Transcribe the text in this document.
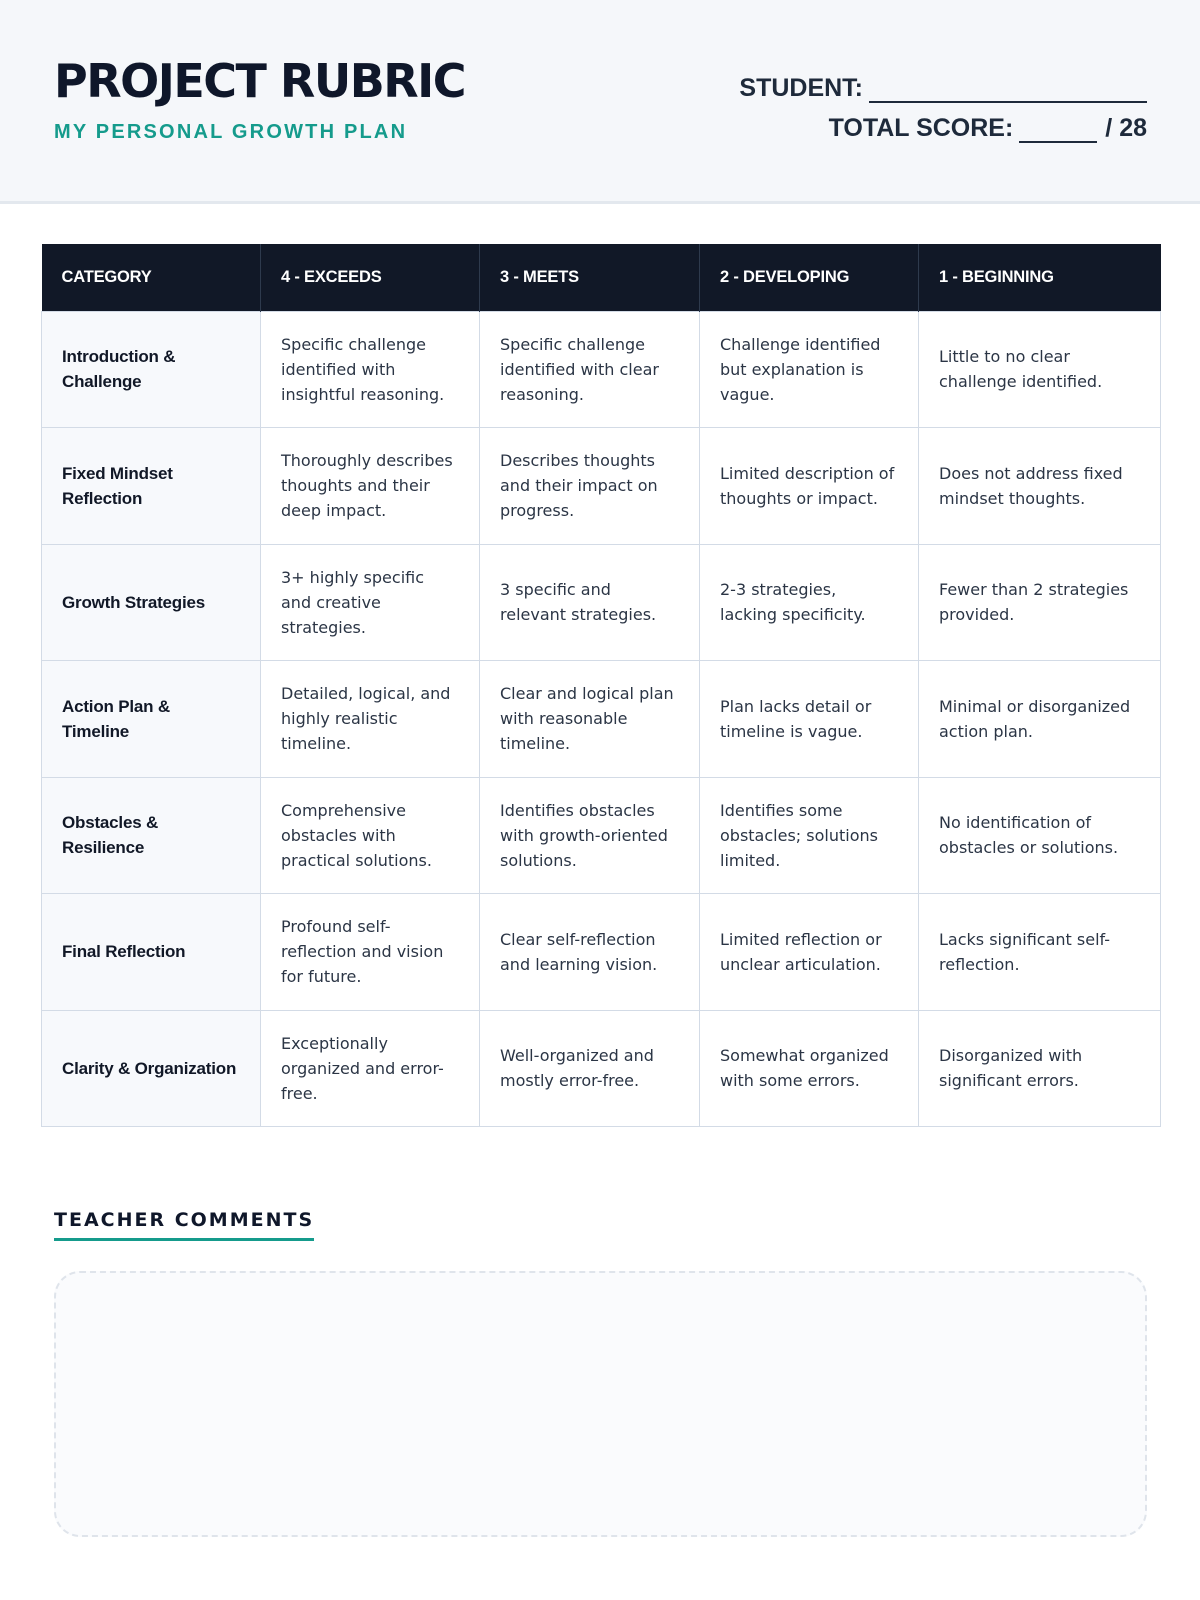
PROJECT RUBRIC
MY PERSONAL GROWTH PLAN
STUDENT:
TOTAL SCORE:	/ 28
CATEGORY	4 - EXCEEDS	3 - MEETS	2 - DEVELOPING	1 - BEGINNING
Introduction & Challenge	Specific challenge identified with insightful reasoning.	Specific challenge identified with clear reasoning.	Challenge identified but explanation is vague.	Little to no clear challenge identified.
Fixed Mindset Reflection	Thoroughly describes thoughts and their deep impact.	Describes thoughts and their impact on progress.	Limited description of thoughts or impact.	Does not address fixed mindset thoughts.
Growth Strategies	3+ highly specific and creative strategies.	3 specific and relevant strategies.	2-3 strategies, lacking specificity.	Fewer than 2 strategies provided.
Action Plan & Timeline	Detailed, logical, and highly realistic timeline.	Clear and logical plan with reasonable timeline.	Plan lacks detail or timeline is vague.	Minimal or disorganized action plan.
Obstacles & Resilience	Comprehensive obstacles with practical solutions.	Identifies obstacles with growth-oriented solutions.	Identifies some obstacles; solutions limited.	No identification of obstacles or solutions.
Final Reflection	Profound self-reflection and vision for future.	Clear self-reflection and learning vision.	Limited reflection or unclear articulation.	Lacks significant self-reflection.
Clarity & Organization	Exceptionally organized and error-free.	Well-organized and mostly error-free.	Somewhat organized with some errors.	Disorganized with significant errors.
TEACHER COMMENTS
